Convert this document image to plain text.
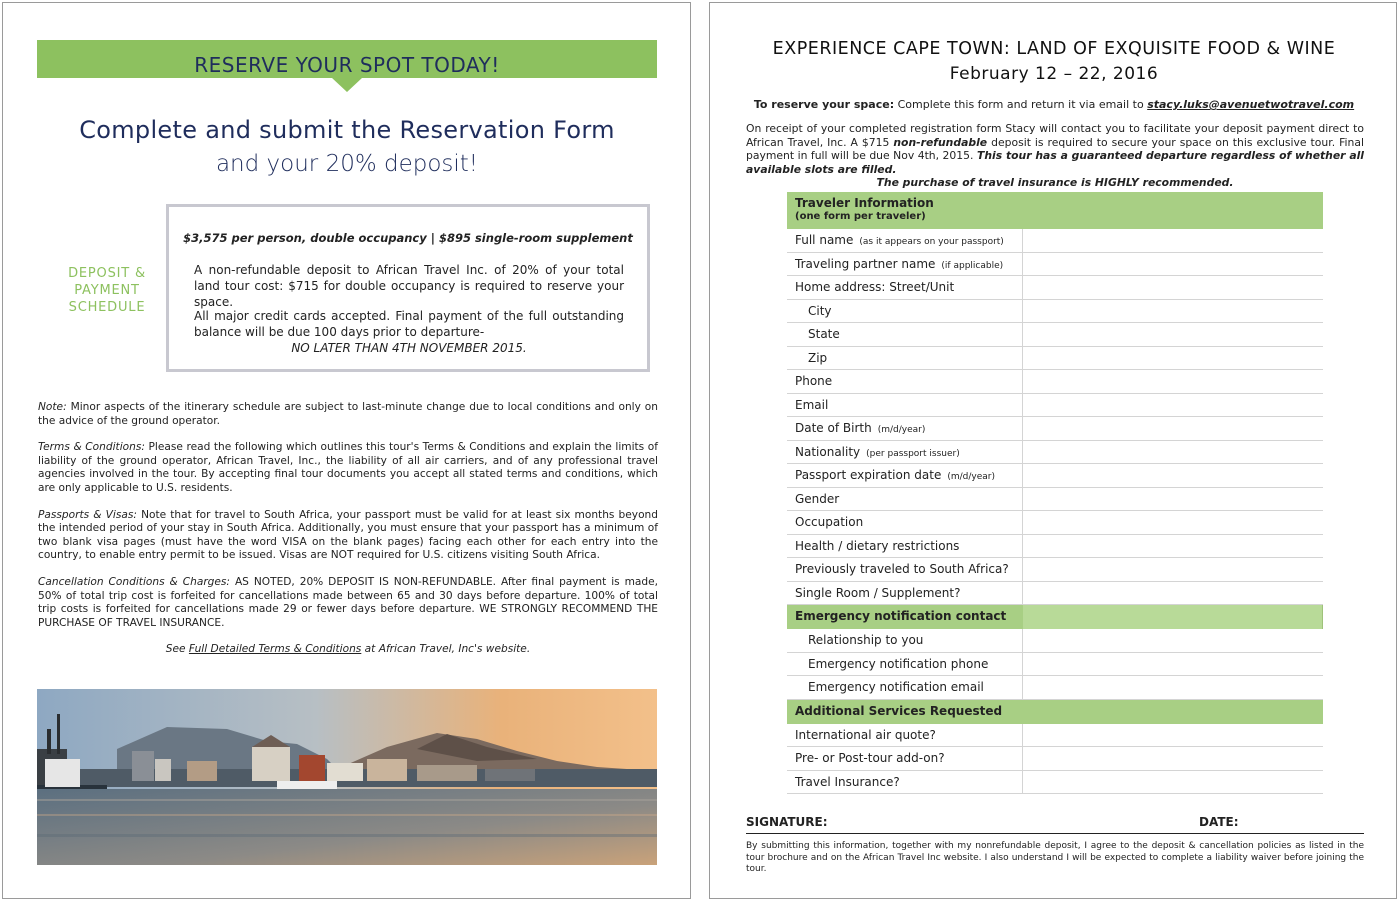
RESERVE YOUR SPOT TODAY!
Complete and submit the Reservation Form
and your 20% deposit!
DEPOSIT &
PAYMENT
SCHEDULE
$3,575 per person, double occupancy | $895 single-room supplement
A non-refundable deposit to African Travel Inc. of 20% of your total land tour cost: $715 for double occupancy is required to reserve your space.
All major credit cards accepted. Final payment of the full outstanding balance will be due 100 days prior to departure-
NO LATER THAN 4TH NOVEMBER 2015.

Note: Minor aspects of the itinerary schedule are subject to last-minute change due to local conditions and only on the advice of the ground operator.

Terms & Conditions: Please read the following which outlines this tour's Terms & Conditions and explain the limits of liability of the ground operator, African Travel, Inc., the liability of all air carriers, and of any professional travel agencies involved in the tour. By accepting final tour documents you accept all stated terms and conditions, which are only applicable to U.S. residents.

Passports & Visas: Note that for travel to South Africa, your passport must be valid for at least six months beyond the intended period of your stay in South Africa. Additionally, you must ensure that your passport has a minimum of two blank visa pages (must have the word VISA on the blank pages) facing each other for each entry into the country, to enable entry permit to be issued. Visas are NOT required for U.S. citizens visiting South Africa.

Cancellation Conditions & Charges: AS NOTED, 20% DEPOSIT IS NON-REFUNDABLE. After final payment is made, 50% of total trip cost is forfeited for cancellations made between 65 and 30 days before departure. 100% of total trip costs is forfeited for cancellations made 29 or fewer days before departure. WE STRONGLY RECOMMEND THE PURCHASE OF TRAVEL INSURANCE.

See Full Detailed Terms & Conditions at African Travel, Inc's website.

EXPERIENCE CAPE TOWN: LAND OF EXQUISITE FOOD & WINE
February 12 – 22, 2016
To reserve your space: Complete this form and return it via email to stacy.luks@avenuetwotravel.com
On receipt of your completed registration form Stacy will contact you to facilitate your deposit payment direct to African Travel, Inc. A $715 non-refundable deposit is required to secure your space on this exclusive tour. Final payment in full will be due Nov 4th, 2015. This tour has a guaranteed departure regardless of whether all available slots are filled.
The purchase of travel insurance is HIGHLY recommended.
Traveler Information
(one form per traveler)
Full name (as it appears on your passport)
Traveling partner name (if applicable)
Home address: Street/Unit
City
State
Zip
Phone
Email
Date of Birth (m/d/year)
Nationality (per passport issuer)
Passport expiration date (m/d/year)
Gender
Occupation
Health / dietary restrictions
Previously traveled to South Africa?
Single Room / Supplement?
Emergency notification contact
Relationship to you
Emergency notification phone
Emergency notification email
Additional Services Requested
International air quote?
Pre- or Post-tour add-on?
Travel Insurance?
SIGNATURE:	DATE:
By submitting this information, together with my nonrefundable deposit, I agree to the deposit & cancellation policies as listed in the tour brochure and on the African Travel Inc website. I also understand I will be expected to complete a liability waiver before joining the tour.
